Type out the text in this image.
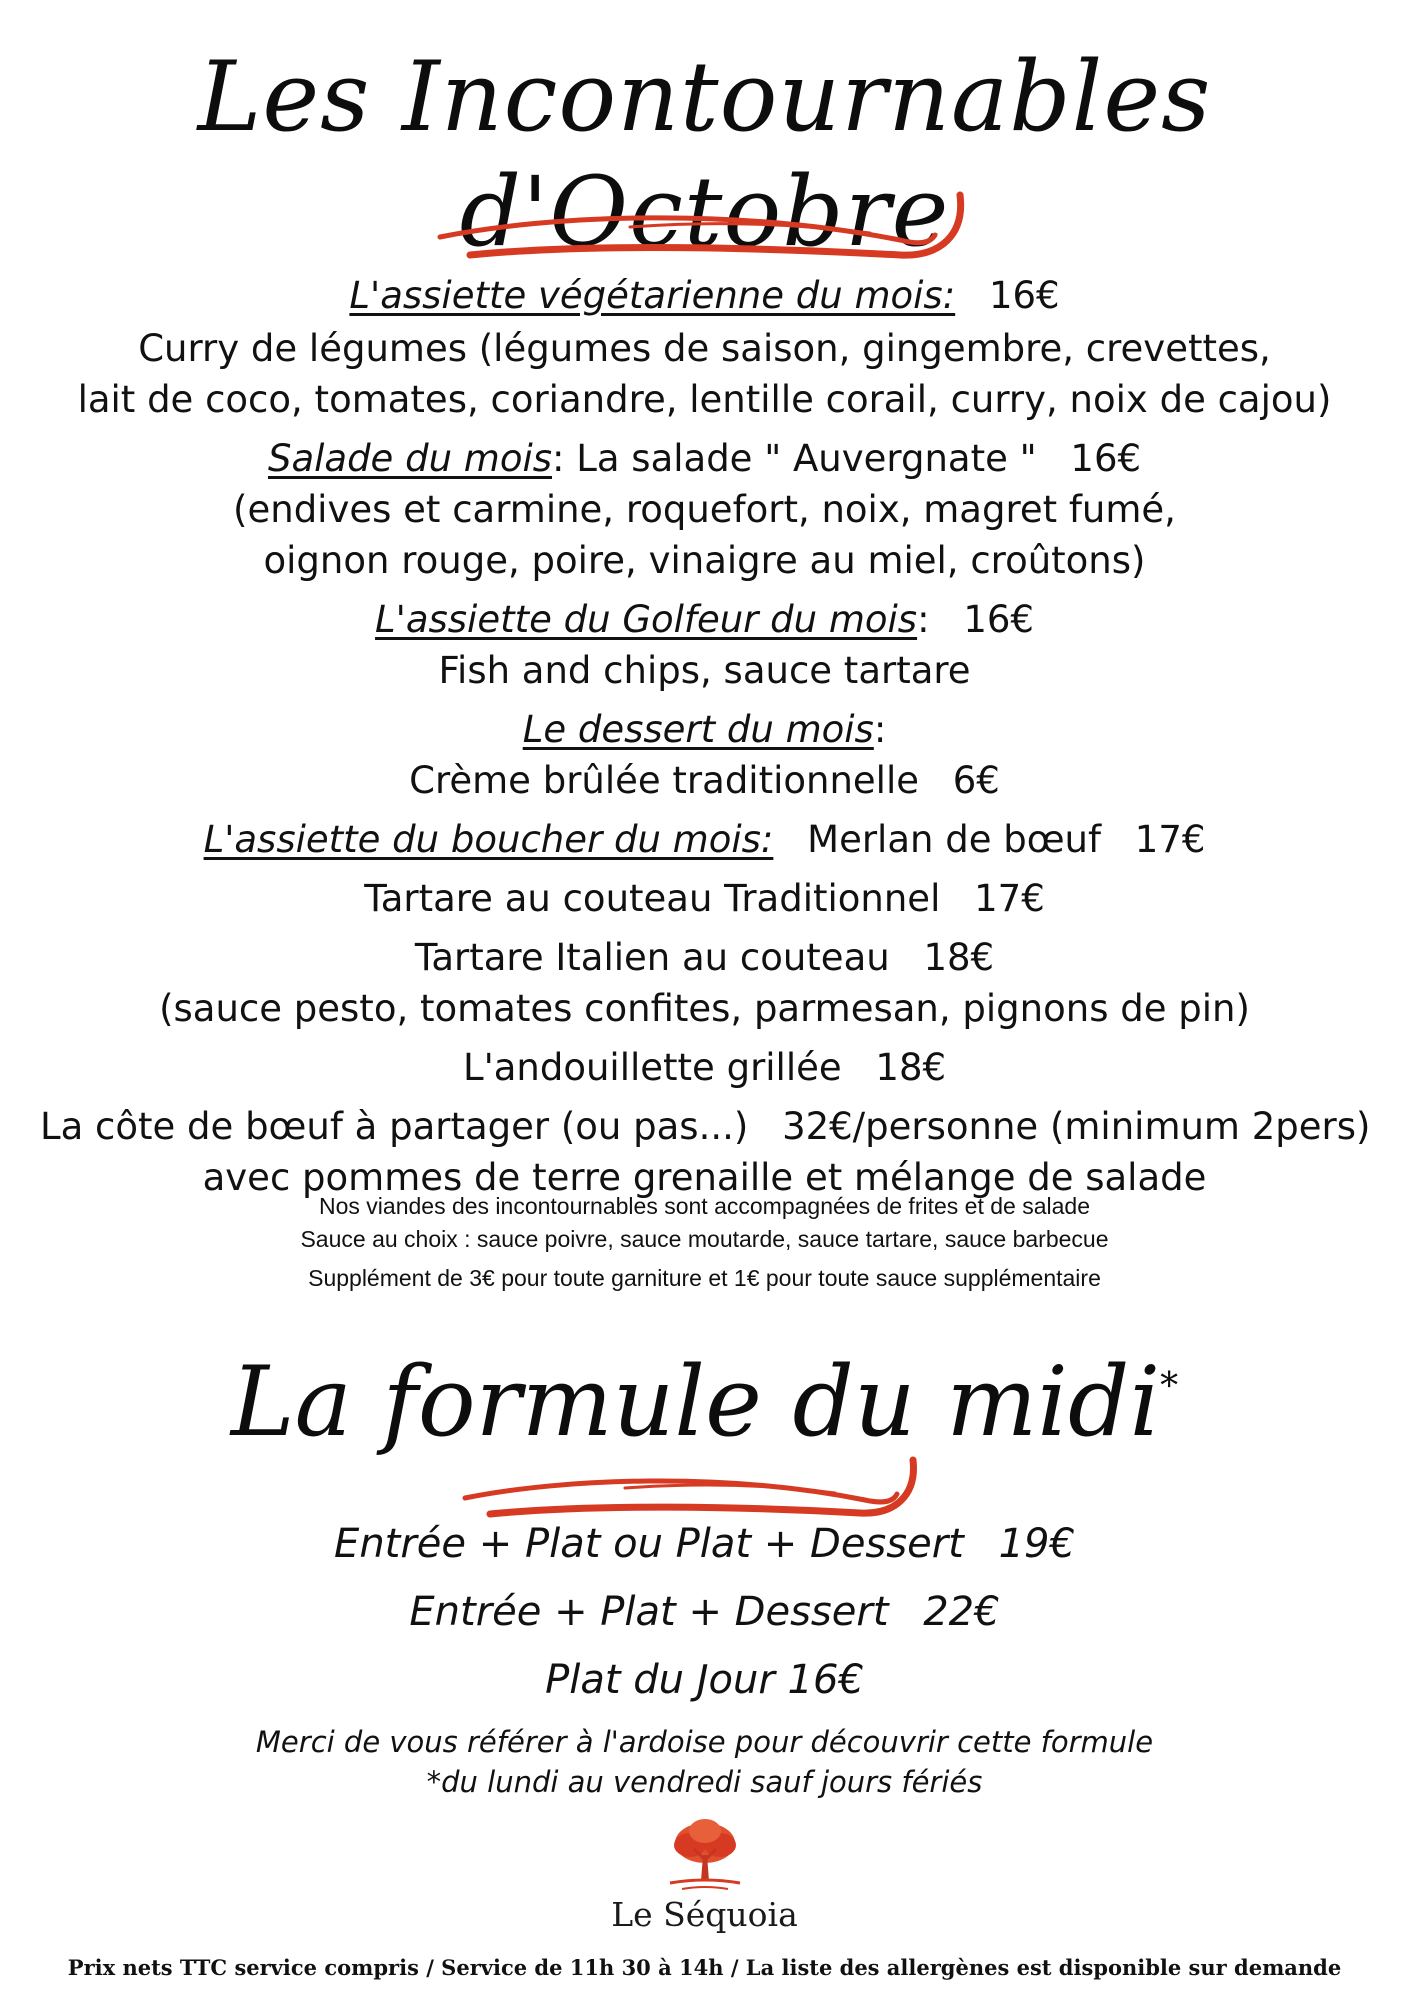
Les Incontournables d'Octobre
L'assiette végétarienne du mois: 16€
Curry de légumes (légumes de saison, gingembre, crevettes,
lait de coco, tomates, coriandre, lentille corail, curry, noix de cajou)
Salade du mois: La salade " Auvergnate " 16€
(endives et carmine, roquefort, noix, magret fumé,
oignon rouge, poire, vinaigre au miel, croûtons)
L'assiette du Golfeur du mois: 16€
Fish and chips, sauce tartare
Le dessert du mois:
Crème brûlée traditionnelle 6€
L'assiette du boucher du mois: Merlan de bœuf 17€
Tartare au couteau Traditionnel 17€
Tartare Italien au couteau 18€
(sauce pesto, tomates confites, parmesan, pignons de pin)
L'andouillette grillée 18€
La côte de bœuf à partager (ou pas...) 32€/personne (minimum 2pers)
avec pommes de terre grenaille et mélange de salade
Nos viandes des incontournables sont accompagnées de frites et de salade
Sauce au choix : sauce poivre, sauce moutarde, sauce tartare, sauce barbecue
Supplément de 3€ pour toute garniture et 1€ pour toute sauce supplémentaire
La formule du midi*
Entrée + Plat ou Plat + Dessert 19€
Entrée + Plat + Dessert 22€
Plat du Jour 16€
Merci de vous référer à l'ardoise pour découvrir cette formule
*du lundi au vendredi sauf jours fériés
Le Séquoia
Prix nets TTC service compris / Service de 11h 30 à 14h / La liste des allergènes est disponible sur demande
